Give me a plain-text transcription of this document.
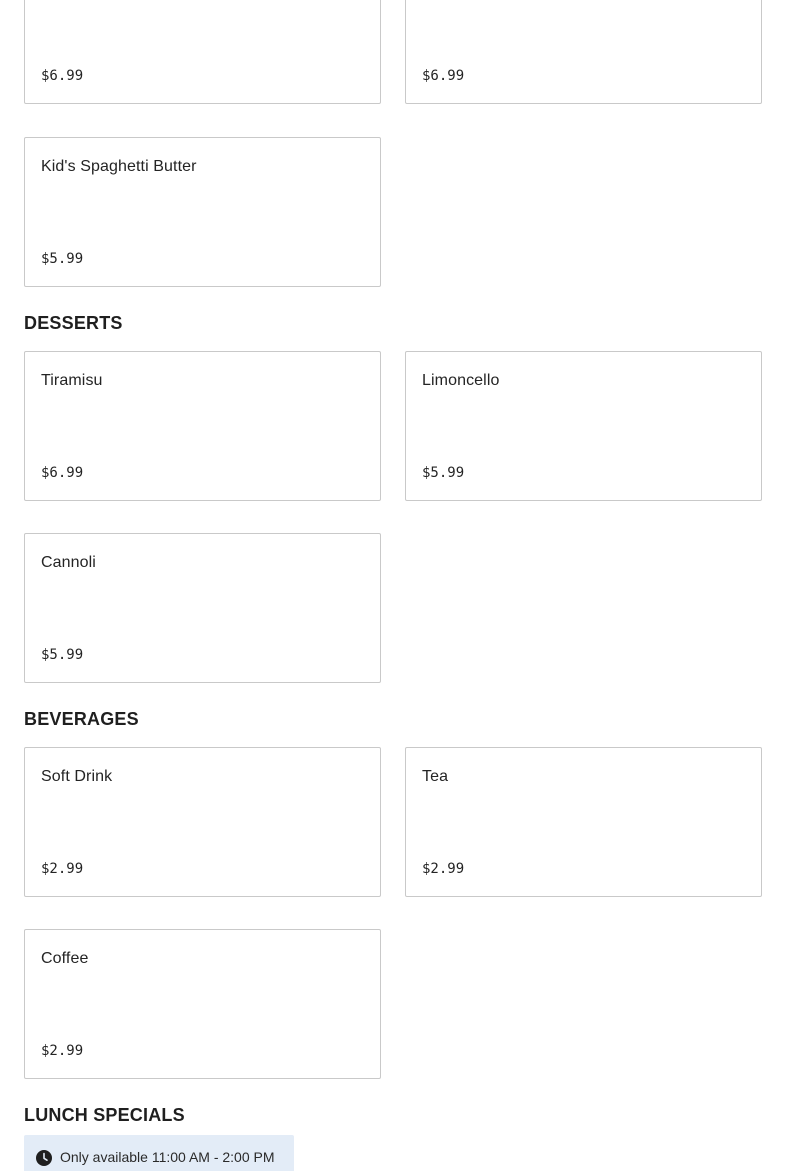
$6.99	$6.99
Kid's Spaghetti Butter
$5.99
DESSERTS
Tiramisu
$6.99
Limoncello
$5.99
Cannoli
$5.99
BEVERAGES
Soft Drink
$2.99
Tea
$2.99
Coffee
$2.99
LUNCH SPECIALS
Only available 11:00 AM - 2:00 PM
